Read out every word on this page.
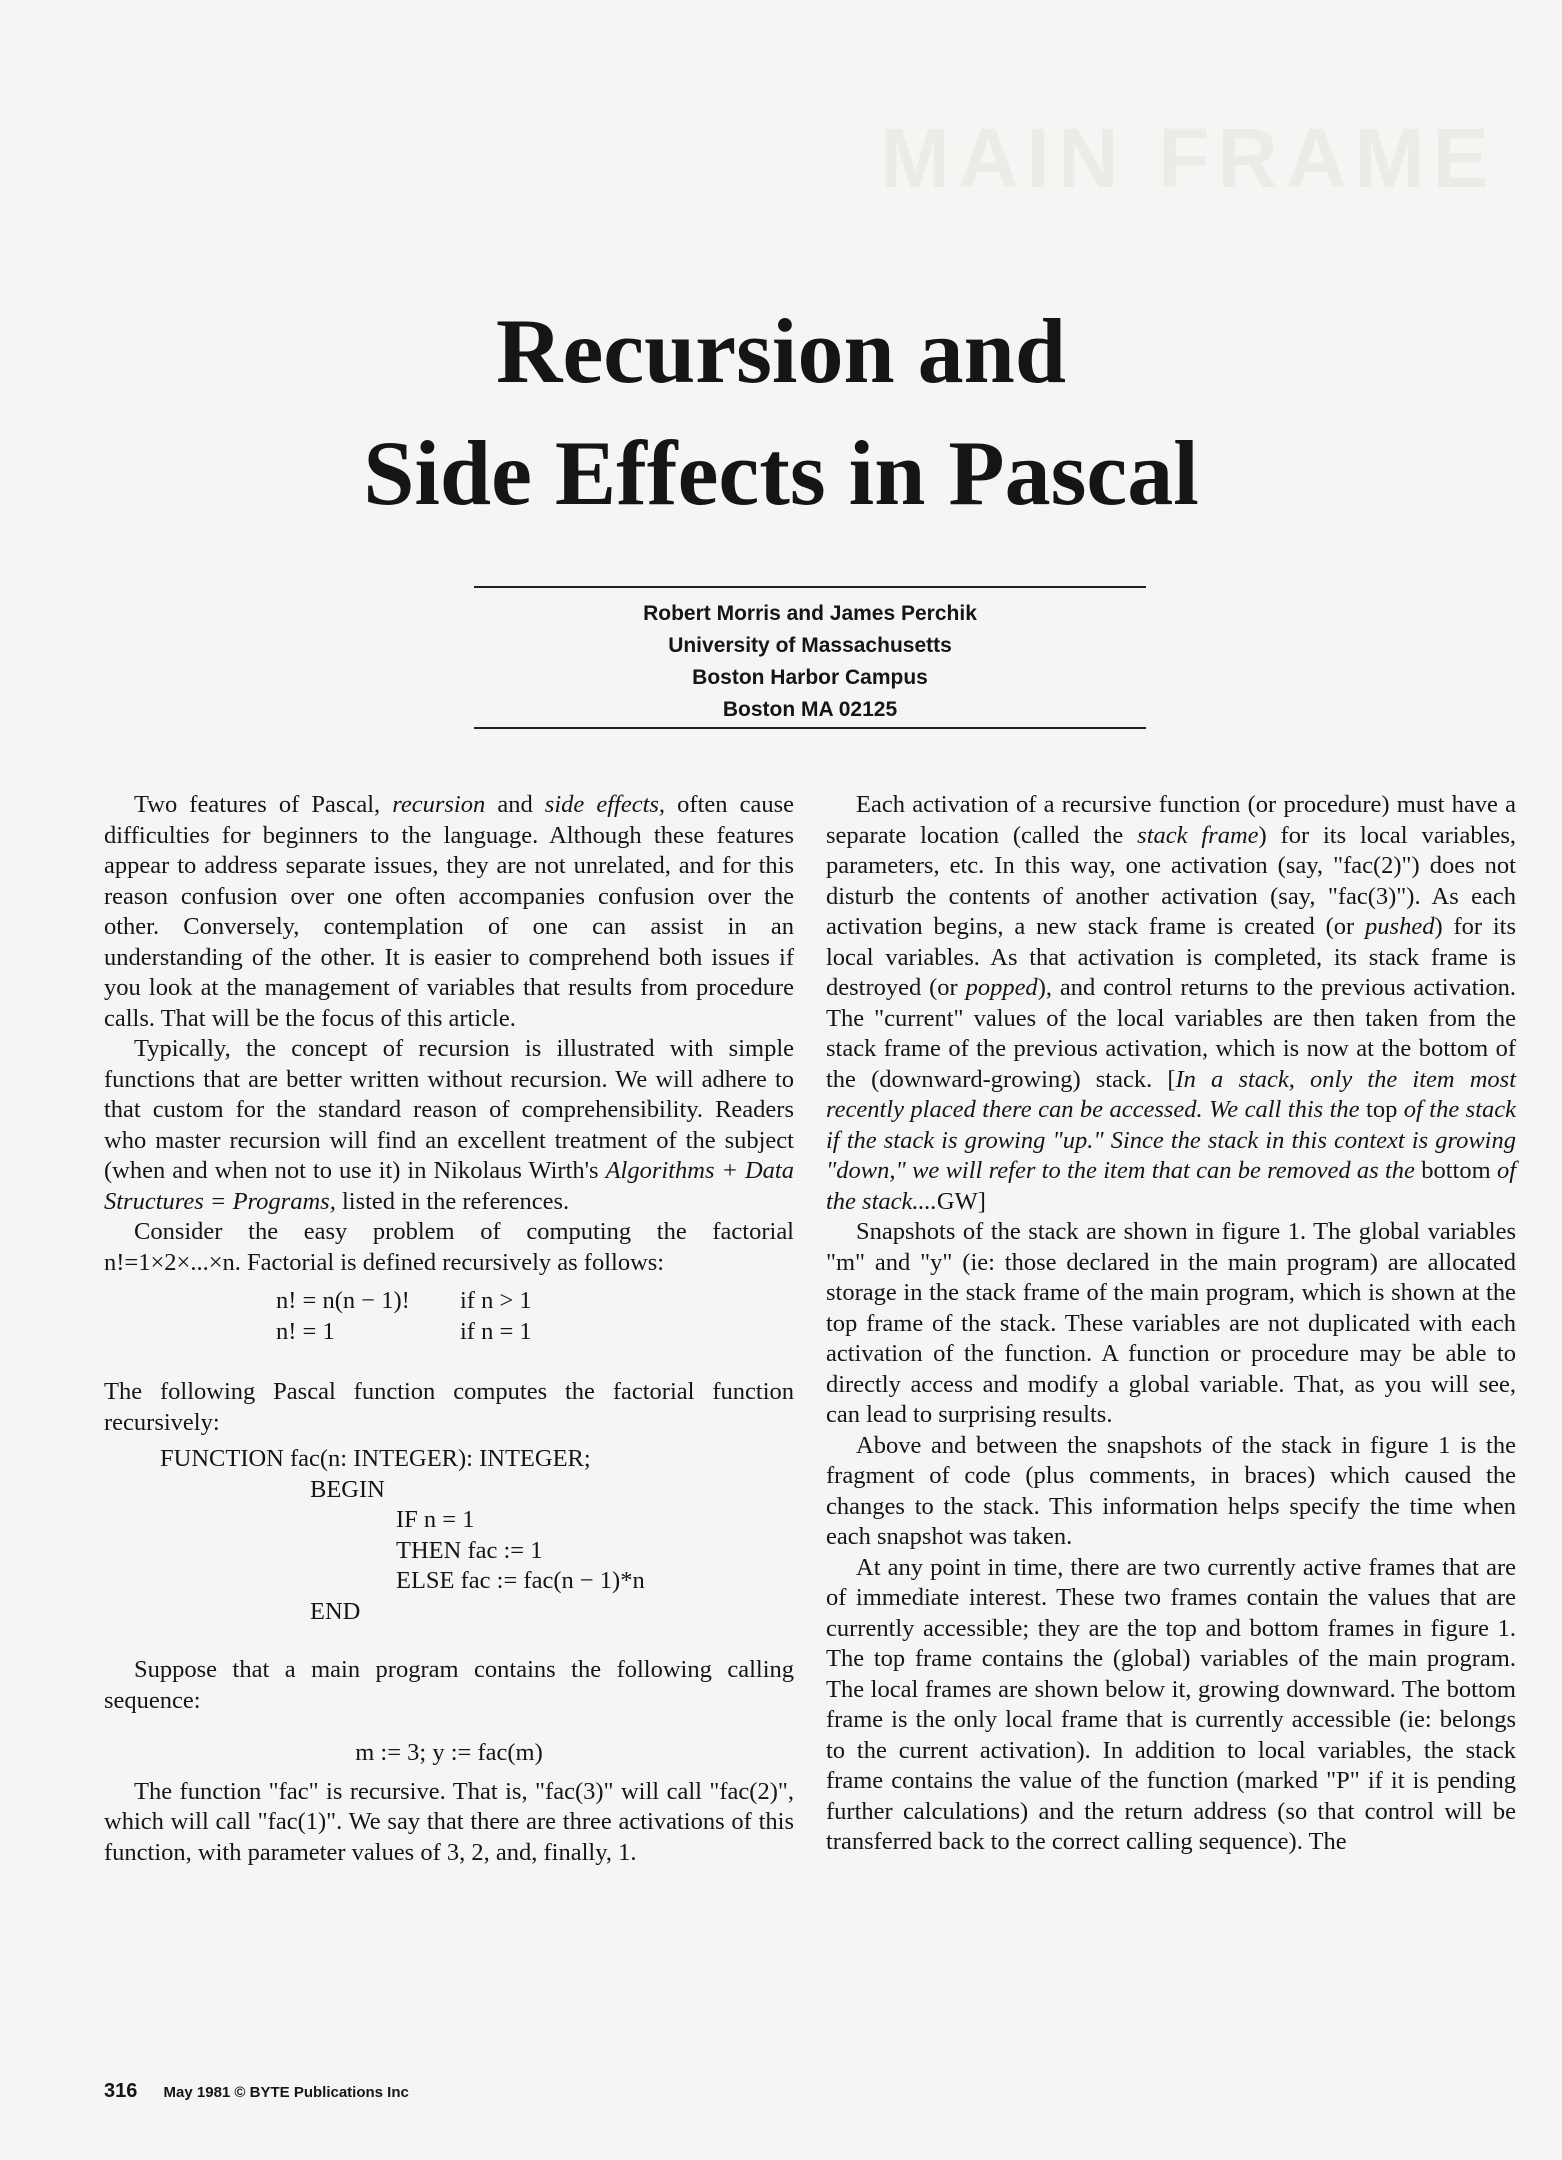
MAIN FRAME
Recursion and
Side Effects in Pascal
Robert Morris and James Perchik
University of Massachusetts
Boston Harbor Campus
Boston MA 02125

Two features of Pascal, recursion and side effects, often cause difficulties for beginners to the language. Although these features appear to address separate issues, they are not unrelated, and for this reason confusion over one often accompanies confusion over the other. Conversely, contemplation of one can assist in an understanding of the other. It is easier to comprehend both issues if you look at the management of variables that results from procedure calls. That will be the focus of this article.

Typically, the concept of recursion is illustrated with simple functions that are better written without recursion. We will adhere to that custom for the standard reason of comprehensibility. Readers who master recursion will find an excellent treatment of the subject (when and when not to use it) in Nikolaus Wirth's Algorithms + Data Structures = Programs, listed in the references.

Consider the easy problem of computing the factorial n!=1×2×...×n. Factorial is defined recursively as follows:

n! = n(n − 1)!	if n > 1
n! = 1	if n = 1

The following Pascal function computes the factorial function recursively:

FUNCTION fac(n: INTEGER): INTEGER;
BEGIN
IF n = 1
THEN fac := 1
ELSE fac := fac(n − 1)*n
END

Suppose that a main program contains the following calling sequence:

m := 3; y := fac(m)

The function "fac" is recursive. That is, "fac(3)" will call "fac(2)", which will call "fac(1)". We say that there are three activations of this function, with parameter values of 3, 2, and, finally, 1.

Each activation of a recursive function (or procedure) must have a separate location (called the stack frame) for its local variables, parameters, etc. In this way, one activation (say, "fac(2)") does not disturb the contents of another activation (say, "fac(3)"). As each activation begins, a new stack frame is created (or pushed) for its local variables. As that activation is completed, its stack frame is destroyed (or popped), and control returns to the previous activation. The "current" values of the local variables are then taken from the stack frame of the previous activation, which is now at the bottom of the (downward-growing) stack. [In a stack, only the item most recently placed there can be accessed. We call this the top of the stack if the stack is growing "up." Since the stack in this context is growing "down," we will refer to the item that can be removed as the bottom of the stack....GW]

Snapshots of the stack are shown in figure 1. The global variables "m" and "y" (ie: those declared in the main program) are allocated storage in the stack frame of the main program, which is shown at the top frame of the stack. These variables are not duplicated with each activation of the function. A function or procedure may be able to directly access and modify a global variable. That, as you will see, can lead to surprising results.

Above and between the snapshots of the stack in figure 1 is the fragment of code (plus comments, in braces) which caused the changes to the stack. This information helps specify the time when each snapshot was taken.

At any point in time, there are two currently active frames that are of immediate interest. These two frames contain the values that are currently accessible; they are the top and bottom frames in figure 1. The top frame contains the (global) variables of the main program. The local frames are shown below it, growing downward. The bottom frame is the only local frame that is currently accessible (ie: belongs to the current activation). In addition to local variables, the stack frame contains the value of the function (marked "P" if it is pending further calculations) and the return address (so that control will be transferred back to the correct calling sequence). The

316 May 1981 © BYTE Publications Inc
